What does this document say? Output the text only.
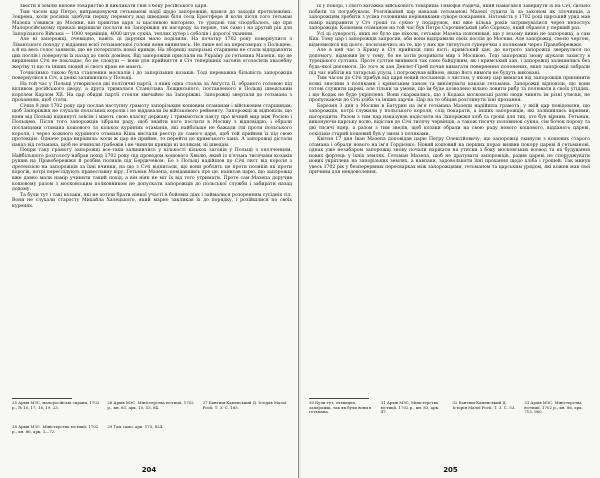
звести в землю низове товариство й викликати гнів з боку російського царя.

Тим часом цар Петро, виправдовуючи гетьманові надії щодо запорожців, вдався до заходів протилежних. Зокрема, коли росіяни здобули першу перемогу над шведами біля села Ерестфере й коли після того гетьман Мазепа з'явився до Москви, він привітав царя зі щасливою вікторією, то урядові так сподобалось, що при Малоросійському приказі вирішили послати на Запоріжжя як нагороду за перше, так само і на другий рік для Запорізького Війська — 1000 червінців, 4000 штук сукна, теплих хутер і соболів і дорогої тканини.

Але ні запорожці, очевидно, навіть ці дарунки мало поділили. На початку 1702 року повернулися з Ліванського походу у віддання всієї гетьманської голови вони виявились. Не лише вої на переговорах з Польщею, а й на весь голос заявили, що не потерплять нової кривди. На зборищі запорізькі старшини не стали відправляти цих послів і повернули їх назад до своїх домівок. Від запорожців прислали на Україну до гетьмана Мазепи, що це вирішення Січі не покладає, бо не спокуш — вони для прийняття в Січ теперішніх загонів оголосили хвалебну жертву ті що та інших людей зі свого краю не мають.

Точнісінько такою була ставлення москалів і до запорізьких козаків. Тоді переважна більшість запорожців повернулися в Січ, а деякі залишились у Польщі.

На той час у Польщі утворилося дві політичні партії, з яких одна стояла за Августа II, обраного головою під впливом російського двору, а друга трималася Станіслава Лєщинського, поставленого в Польщі шведським королем Карлом XII. На цар обидві партії стояли звичайно на Запоріжжі. Запорожці звертали до гетьмана з проханням, щоб стати.

Січня 9 дня 1702 року цар послав наступну грамоту запорізьким кошовим отаманам і військовим старшинам, щоб Запоріжжя не слухали польських королів і не віддавали їм військового рейменту. Запорожці ж відповіли, що вони від Польщі відкинуті зовсім і мають свою власну державу і тримаються пакту про вічний мир між Росією і Польщею. Після того запорожців зібрали раду, щоб знайти кого послати в Москву з відповіддю, і обрали посланцями отамана кошового та кількох курінних отаманів, які найбільше не бажали іти проти польського короля, і через кожного курінного отамана Кіша вислали реєстр до самого царя, щоб той прийняв їх під свою протекцію. Одначе рада вирішила: коли ж цар не прийме, то перейти до кримського хана. А запорожці дістали наказ від гетьмана, щоб не вчиняли грабежів і не чинили кривди ні полякам, ні шведам.

Попри таку грамоту запорожці все-таки залишились у кількості кількох загонів у Польщі з ополченням. Найбільшого розголосу набрав похід 1702 року під проводом кошового Хвилю, який із п'ятьма тисячами козаків рушив на Правобережжя й розбив поляків під Бердичевом. Бо з Польщі надійшов до Січі лист від короля з претензією на запорожців за їхні вчинки, на що з Січі відписали, що вони роблять це проти поляків як проти ворогів, котрі переслідують православну віру. Гетьман Мазепа, довідавшись про це, написав царю, що запорожці вже давно мали намір учинити такий похід, а він ніяк не міг їх від того утримати. Проте сам Мазепа доручив кошовому разом з московським полковником не допускати запорожців до польської служби і забирати назад додому.

Та були тут і такі козаки, які не хотіли брати ніякої участі в бойових діях і займалися розоренням сусідніх сіл. Вони не слухали старосту Михайла Халецького, який марно закликав їх до порядку, і розійшлися по своїх куренях.

25 Архів МЗС, малоросійські справи, 1702 р., № 15, 17, 18, 19, 23.

26 Архів МЗС. Міністерства юстиції, 1702 р., кн. 83, арк. 15, 53, 84.

27 Бантиш-Каменський Д. Історія Малої Росії. Т. 3. С. 165.

28 Архів МЗС. Міністерства юстиції, 1702 р., кн. 86, арк. 1—72.

29 Там само, арк. 173, 824.

204

їх у покорі, і свого ватажка військового товариша Тимофія Радича, який намагався завернути їх на Січ, сильно побили та пограбували. Розгніваний цар наказав гетьманові Мазепі судити їх за законом як злочинців, а запорожцям зробити з усіма головними керівниками суворе покарання. Натомість у 1702 році царський уряд мав намір відправити у Січ гроші та сукно у подарунок, які вже кілька років затримувалися через непослух запорожців. Кошовим отаманом на той час був Петро Сорочинський (або Сорока), який обрався у перший раз.

Усі ці суворості, яких не було ще ніколи, гетьман Мазепа пояснював, що у всьому винні не запорожці, а сам Кіш. Тому цар і запорожців запросив, аби вони відправили своїх послів до Москви. Але запорожці, своєю чергою, відмовилися від цього, посилаючись на те, що у них ще тягнуться суперечки з поляками через Правобережжя.

Але в цей час з Криму в Січ прийшли лихі вісті: кримський хан, до котрого запорожці звернулися по допомогу, відмовив їм у тому, бо не хотів розривати мир з Москвою. Тоді запорожці знову шукали захисту в турецького султана. Проте султан виявився так само байдужим, як і кримський хан, і запорожці залишились без будь-якої допомоги. До того ж хан Девлет-Гірей почав вимагати повернення полонених, яких запорожці забрали під час набігів на татарські улуси, і погрожував війною, якщо його вимоги не будуть виконані.

Тим часом до Січі прибув від царя новий посланець з листом, у якому цар вимагав від запорожців припинити всякі зносини з поляками і кримським ханом та виконувати накази гетьмана. Запорожці відповіли, що вони готові служити цареві, але тільки за умови, що їм буде дозволено вільно ловити рибу та полювати в своїх угіддях, і що Кодак не буде укріплено. Вони скаржились, що з Кодака московські ратні люди чинять їм різні утиски, не пропускаючи до Січі хліба та інших харчів. Цар на те обіцяв розглянути їхні прохання.

Березня 3 дня з Москви в Батурин на ім'я гетьмана Мазепи надійшла грамота, у якій цар повідомляв, що запорожців, котрі служили у польського короля, слід покарати, а інших запорожців, які залишились вірними, нагородити. Разом з тим цар наказував надіслати на Запоріжжя хліб та гроші для тих, хто був вірним. Гетьман, виконуючи царську волю, відіслав до Січі тисячу червінців, а також тисячу половинок сукна, сім бочок пороху та дві тисячі ядер, а разом з тим звелів, щоб козаки обрали на свою раду нового кошового, відданого цареві, оскільки старий кошовий був у змові з поляками.

Квітня 17 дня Іван Мазепа доповідав царю Петру Олексійовичу, що запорожці скинули з кошових старого отамана і обрали нового на ім'я Гордієнко. Новий кошовий на перших порах виявив покору цареві й гетьманові, однак уже незабаром запорожці знову почали нарікати на утиски з боку московських воєвод та на будування нових фортець у їхніх землях. Гетьман Мазепа, щоб не дратувати запорожців, радив цареві не споруджувати нових укріплень на запорізьких землях, а навпаки, задовольняти їхні прохання щодо хліба і грошей. Так минув увесь 1702 рік у безперервних пересварках між запорожцями, гетьманом та царським урядом, які кожен мав свої причини для невдоволення.

30 Були тут, очевидно, запорожці, так як були вони в гетьмана.

31 Архів МЗС. Міністерства юстиції, 1702 р., кн. 83, арк. 47.

32 Бантиш-Каменський Д. Історія Малої Росії. Т. 3. С. 53.

33 Архів МЗС. Міністерства юстиції, 1702 р., кн. 86, арк. 713, 960.

205
